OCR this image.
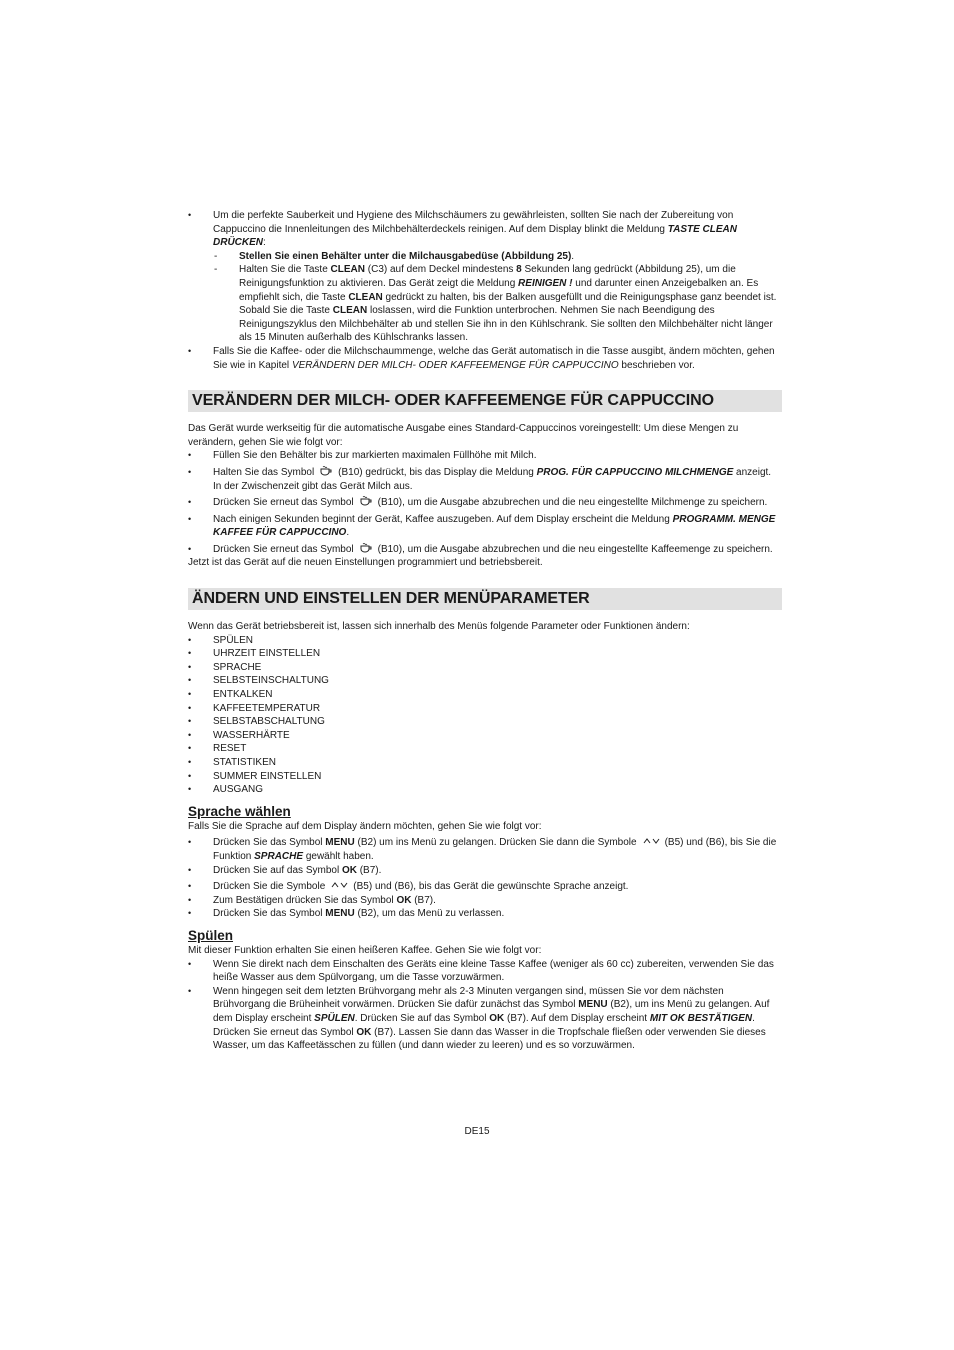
• Um die perfekte Sauberkeit und Hygiene des Milchschäumers zu gewährleisten, sollten Sie nach der Zubereitung von Cappuccino die Innenleitungen des Milchbehälterdeckels reinigen. Auf dem Display blinkt die Meldung TASTE CLEAN DRÜCKEN:

- Stellen Sie einen Behälter unter die Milchausgabedüse (Abbildung 25).

- Halten Sie die Taste CLEAN (C3) auf dem Deckel mindestens 8 Sekunden lang gedrückt (Abbildung 25), um die Reinigungsfunktion zu aktivieren. Das Gerät zeigt die Meldung REINIGEN ! und darunter einen Anzeigebalken an. Es empfiehlt sich, die Taste CLEAN gedrückt zu halten, bis der Balken ausgefüllt und die Reinigungsphase ganz beendet ist. Sobald Sie die Taste CLEAN loslassen, wird die Funktion unterbrochen. Nehmen Sie nach Beendigung des Reinigungszyklus den Milchbehälter ab und stellen Sie ihn in den Kühlschrank. Sie sollten den Milchbehälter nicht länger als 15 Minuten außerhalb des Kühlschranks lassen.

• Falls Sie die Kaffee- oder die Milchschaummenge, welche das Gerät automatisch in die Tasse ausgibt, ändern möchten, gehen Sie wie in Kapitel VERÄNDERN DER MILCH- ODER KAFFEEMENGE FÜR CAPPUCCINO beschrieben vor.

VERÄNDERN DER MILCH- ODER KAFFEEMENGE FÜR CAPPUCCINO

Das Gerät wurde werkseitig für die automatische Ausgabe eines Standard-Cappuccinos voreingestellt: Um diese Mengen zu verändern, gehen Sie wie folgt vor:

• Füllen Sie den Behälter bis zur markierten maximalen Füllhöhe mit Milch.

• Halten Sie das Symbol (B10) gedrückt, bis das Display die Meldung PROG. FÜR CAPPUCCINO MILCHMENGE anzeigt. In der Zwischenzeit gibt das Gerät Milch aus.

• Drücken Sie erneut das Symbol (B10), um die Ausgabe abzubrechen und die neu eingestellte Milchmenge zu speichern.

• Nach einigen Sekunden beginnt der Gerät, Kaffee auszugeben. Auf dem Display erscheint die Meldung PROGRAMM. MENGE KAFFEE FÜR CAPPUCCINO.

• Drücken Sie erneut das Symbol (B10), um die Ausgabe abzubrechen und die neu eingestellte Kaffeemenge zu speichern.

Jetzt ist das Gerät auf die neuen Einstellungen programmiert und betriebsbereit.

ÄNDERN UND EINSTELLEN DER MENÜPARAMETER

Wenn das Gerät betriebsbereit ist, lassen sich innerhalb des Menüs folgende Parameter oder Funktionen ändern:

• SPÜLEN

• UHRZEIT EINSTELLEN

• SPRACHE

• SELBSTEINSCHALTUNG

• ENTKALKEN

• KAFFEETEMPERATUR

• SELBSTABSCHALTUNG

• WASSERHÄRTE

• RESET

• STATISTIKEN

• SUMMER EINSTELLEN

• AUSGANG

Sprache wählen

Falls Sie die Sprache auf dem Display ändern möchten, gehen Sie wie folgt vor:

• Drücken Sie das Symbol MENU (B2) um ins Menü zu gelangen. Drücken Sie dann die Symbole	(B5) und (B6), bis Sie die Funktion SPRACHE gewählt haben.

• Drücken Sie auf das Symbol OK (B7).

• Drücken Sie die Symbole	(B5) und (B6), bis das Gerät die gewünschte Sprache anzeigt.

• Zum Bestätigen drücken Sie das Symbol OK (B7).

• Drücken Sie das Symbol MENU (B2), um das Menü zu verlassen.

Spülen

Mit dieser Funktion erhalten Sie einen heißeren Kaffee. Gehen Sie wie folgt vor:

• Wenn Sie direkt nach dem Einschalten des Geräts eine kleine Tasse Kaffee (weniger als 60 cc) zubereiten, verwenden Sie das heiße Wasser aus dem Spülvorgang, um die Tasse vorzuwärmen.

• Wenn hingegen seit dem letzten Brühvorgang mehr als 2-3 Minuten vergangen sind, müssen Sie vor dem nächsten Brühvorgang die Brüheinheit vorwärmen. Drücken Sie dafür zunächst das Symbol MENU (B2), um ins Menü zu gelangen. Auf dem Display erscheint SPÜLEN. Drücken Sie auf das Symbol OK (B7). Auf dem Display erscheint MIT OK BESTÄTIGEN. Drücken Sie erneut das Symbol OK (B7). Lassen Sie dann das Wasser in die Tropfschale fließen oder verwenden Sie dieses Wasser, um das Kaffeetässchen zu füllen (und dann wieder zu leeren) und es so vorzuwärmen.

DE15
